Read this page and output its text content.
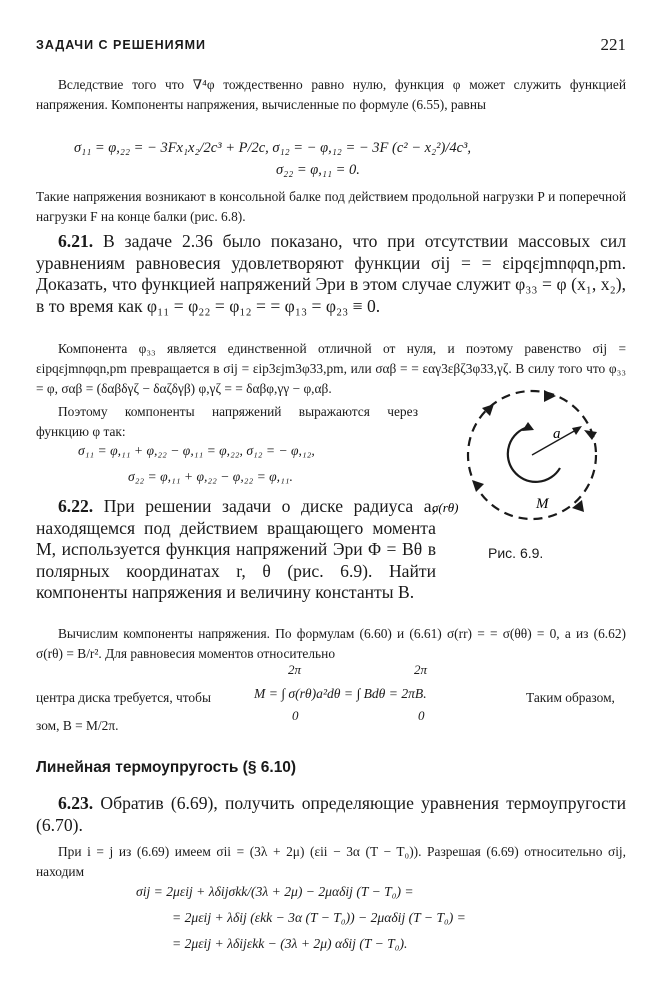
ЗАДАЧИ С РЕШЕНИЯМИ	221
Вследствие того что ∇⁴φ тождественно равно нулю, функция φ может служить функцией напряжения. Компоненты напряжения, вычисленные по формуле (6.55), равны
σ₁₁ = φ,₂₂ = − 3Fx₁x₂/2c³ + P/2c, σ₁₂ = − φ,₁₂ = − 3F (c² − x₂²)/4c³,
σ₂₂ = φ,₁₁ = 0.
Такие напряжения возникают в консольной балке под действием продольной нагрузки P и поперечной нагрузки F на конце балки (рис. 6.8).
6.21. В задаче 2.36 было показано, что при отсутствии массовых сил уравнениям равновесия удовлетворяют функции σij = = εipqεjmnφqn,pm. Доказать, что функцией напряжений Эри в этом случае служит φ₃₃ = φ (x₁, x₂), в то время как φ₁₁ = φ₂₂ = φ₁₂ = = φ₁₃ = φ₂₃ ≡ 0.
Компонента φ₃₃ является единственной отличной от нуля, и поэтому равенство σij = εipqεjmnφqn,pm превращается в σij = εip3εjm3φ33,pm, или σαβ = = εαγ3εβζ3φ33,γζ. В силу того что φ₃₃ = φ, σαβ = (δαβδγζ − δαζδγβ) φ,γζ = = δαβφ,γγ − φ,αβ.
Поэтому компоненты напряжений выражаются через функцию φ так:
σ₁₁ = φ,₁₁ + φ,₂₂ − φ,₁₁ = φ,₂₂, σ₁₂ = − φ,₁₂,
σ₂₂ = φ,₁₁ + φ,₂₂ − φ,₂₂ = φ,₁₁.
6.22. При решении задачи о диске радиуса a, находящемся под действием вращающего момента M, используется функция напряжений Эри Φ = Bθ в полярных координатах r, θ (рис. 6.9). Найти компоненты напряжения и величину константы B.
Вычислим компоненты напряжения. По формулам (6.60) и (6.61) σ(rr) = = σ(θθ) = 0, а из (6.62) σ(rθ) = B/r². Для равновесия моментов относительно
центра диска требуется, чтобы
2π
0
2π
0
M = ∫ σ(rθ)a²dθ = ∫ Bdθ = 2πB.	Таким образом,
зом, B = M/2π.
a
M
σ(rθ)
Рис. 6.9.
Линейная термоупругость (§ 6.10)
6.23. Обратив (6.69), получить определяющие уравнения термоупругости (6.70).
При i = j из (6.69) имеем σii = (3λ + 2μ) (εii − 3α (T − T₀)). Разрешая (6.69) относительно σij, находим
σij = 2μεij + λδijσkk/(3λ + 2μ) − 2μαδij (T − T₀) =
= 2μεij + λδij (εkk − 3α (T − T₀)) − 2μαδij (T − T₀) =
= 2μεij + λδijεkk − (3λ + 2μ) αδij (T − T₀).
